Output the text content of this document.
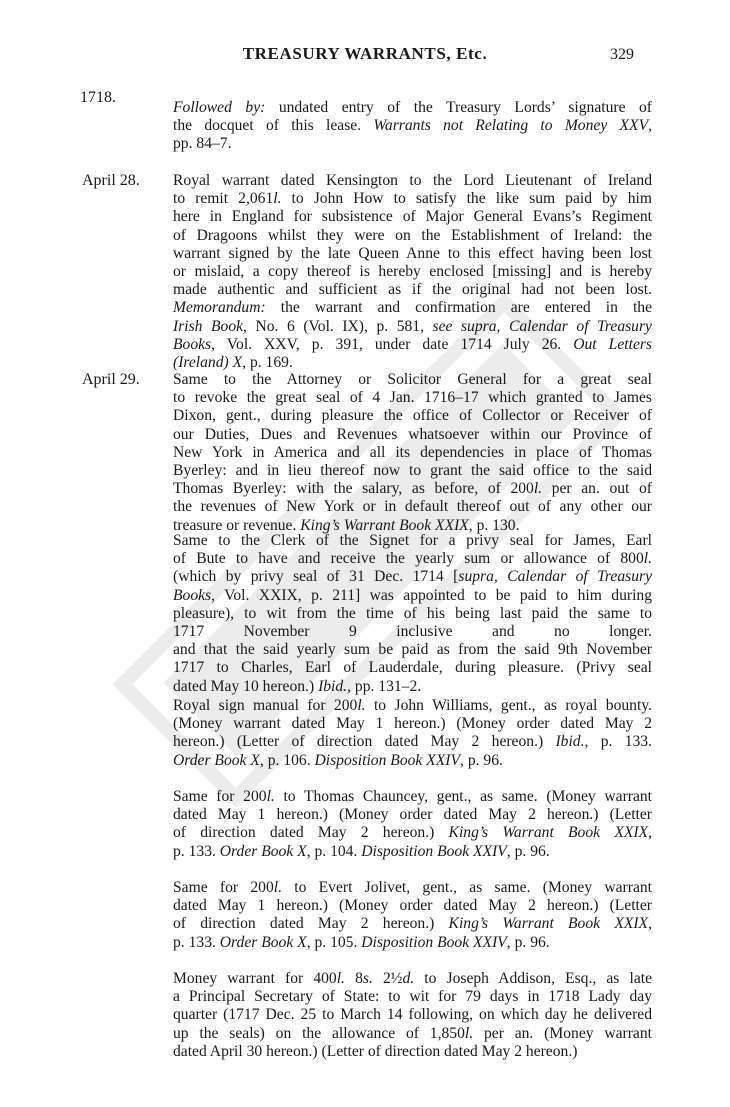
TREASURY WARRANTS, Etc.	329
1718.
Followed by: undated entry of the Treasury Lords’ signature of
the docquet of this lease. Warrants not Relating to Money XXV,
pp. 84–7.
April 28. Royal warrant dated Kensington to the Lord Lieutenant of Ireland
to remit 2,061l. to John How to satisfy the like sum paid by him
here in England for subsistence of Major General Evans’s Regiment
of Dragoons whilst they were on the Establishment of Ireland: the
warrant signed by the late Queen Anne to this effect having been lost
or mislaid, a copy thereof is hereby enclosed [missing] and is hereby
made authentic and sufficient as if the original had not been lost.
Memorandum: the warrant and confirmation are entered in the
Irish Book, No. 6 (Vol. IX), p. 581, see supra, Calendar of Treasury
Books, Vol. XXV, p. 391, under date 1714 July 26. Out Letters
(Ireland) X, p. 169.
April 29. Same to the Attorney or Solicitor General for a great seal
to revoke the great seal of 4 Jan. 1716–17 which granted to James
Dixon, gent., during pleasure the office of Collector or Receiver of
our Duties, Dues and Revenues whatsoever within our Province of
New York in America and all its dependencies in place of Thomas
Byerley: and in lieu thereof now to grant the said office to the said
Thomas Byerley: with the salary, as before, of 200l. per an. out of
the revenues of New York or in default thereof out of any other our
treasure or revenue. King’s Warrant Book XXIX, p. 130.
Same to the Clerk of the Signet for a privy seal for James, Earl
of Bute to have and receive the yearly sum or allowance of 800l.
(which by privy seal of 31 Dec. 1714 [supra, Calendar of Treasury
Books, Vol. XXIX, p. 211] was appointed to be paid to him during
pleasure), to wit from the time of his being last paid the same to
1717 November 9 inclusive and no longer.
and that the said yearly sum be paid as from the said 9th November
1717 to Charles, Earl of Lauderdale, during pleasure. (Privy seal
dated May 10 hereon.) Ibid., pp. 131–2.
Royal sign manual for 200l. to John Williams, gent., as royal bounty.
(Money warrant dated May 1 hereon.) (Money order dated May 2
hereon.) (Letter of direction dated May 2 hereon.) Ibid., p. 133.
Order Book X, p. 106. Disposition Book XXIV, p. 96.
Same for 200l. to Thomas Chauncey, gent., as same. (Money warrant
dated May 1 hereon.) (Money order dated May 2 hereon.) (Letter
of direction dated May 2 hereon.) King’s Warrant Book XXIX,
p. 133. Order Book X, p. 104. Disposition Book XXIV, p. 96.
Same for 200l. to Evert Jolivet, gent., as same. (Money warrant
dated May 1 hereon.) (Money order dated May 2 hereon.) (Letter
of direction dated May 2 hereon.) King’s Warrant Book XXIX,
p. 133. Order Book X, p. 105. Disposition Book XXIV, p. 96.
Money warrant for 400l. 8s. 2½d. to Joseph Addison, Esq., as late
a Principal Secretary of State: to wit for 79 days in 1718 Lady day
quarter (1717 Dec. 25 to March 14 following, on which day he delivered
up the seals) on the allowance of 1,850l. per an. (Money warrant
dated April 30 hereon.) (Letter of direction dated May 2 hereon.)
